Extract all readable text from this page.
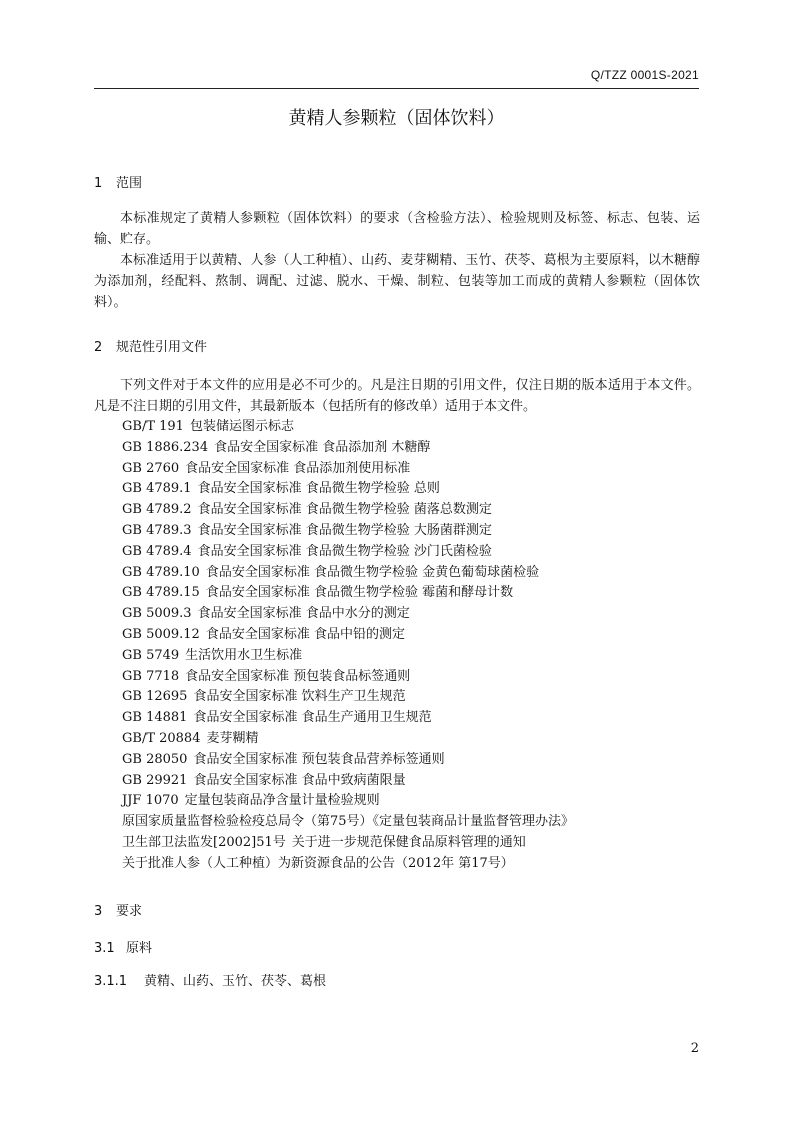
Q/TZZ 0001S-2021
黄精人参颗粒（固体饮料）
1 范围
本标准规定了黄精人参颗粒（固体饮料）的要求（含检验方法）、检验规则及标签、标志、包装、运输、贮存。
本标准适用于以黄精、人参（人工种植）、山药、麦芽糊精、玉竹、茯苓、葛根为主要原料，以木糖醇为添加剂，经配料、熬制、调配、过滤、脱水、干燥、制粒、包装等加工而成的黄精人参颗粒（固体饮料）。
2 规范性引用文件
下列文件对于本文件的应用是必不可少的。凡是注日期的引用文件，仅注日期的版本适用于本文件。凡是不注日期的引用文件，其最新版本（包括所有的修改单）适用于本文件。
GB/T 191 包装储运图示标志
GB 1886.234 食品安全国家标准 食品添加剂 木糖醇
GB 2760 食品安全国家标准 食品添加剂使用标准
GB 4789.1 食品安全国家标准 食品微生物学检验 总则
GB 4789.2 食品安全国家标准 食品微生物学检验 菌落总数测定
GB 4789.3 食品安全国家标准 食品微生物学检验 大肠菌群测定
GB 4789.4 食品安全国家标准 食品微生物学检验 沙门氏菌检验
GB 4789.10 食品安全国家标准 食品微生物学检验 金黄色葡萄球菌检验
GB 4789.15 食品安全国家标准 食品微生物学检验 霉菌和酵母计数
GB 5009.3 食品安全国家标准 食品中水分的测定
GB 5009.12 食品安全国家标准 食品中铅的测定
GB 5749 生活饮用水卫生标准
GB 7718 食品安全国家标准 预包装食品标签通则
GB 12695 食品安全国家标准 饮料生产卫生规范
GB 14881 食品安全国家标准 食品生产通用卫生规范
GB/T 20884 麦芽糊精
GB 28050 食品安全国家标准 预包装食品营养标签通则
GB 29921 食品安全国家标准 食品中致病菌限量
JJF 1070 定量包装商品净含量计量检验规则
原国家质量监督检验检疫总局令（第75号）《定量包装商品计量监督管理办法》
卫生部卫法监发[2002]51号 关于进一步规范保健食品原料管理的通知
关于批准人参（人工种植）为新资源食品的公告（2012年 第17号）
3 要求
3.1 原料
3.1.1 黄精、山药、玉竹、茯苓、葛根
2
